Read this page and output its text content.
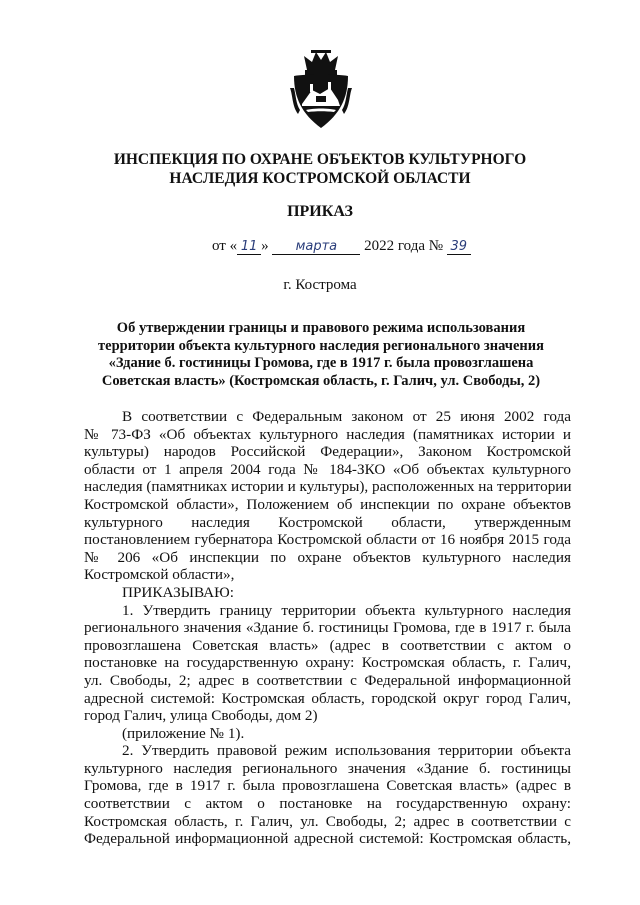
ИНСПЕКЦИЯ ПО ОХРАНЕ ОБЪЕКТОВ КУЛЬТУРНОГО
НАСЛЕДИЯ КОСТРОМСКОЙ ОБЛАСТИ
ПРИКАЗ
от « 11 » марта 2022 года № 39
г. Кострома
Об утверждении границы и правового режима использования
территории объекта культурного наследия регионального значения
«Здание б. гостиницы Громова, где в 1917 г. была провозглашена
Советская власть» (Костромская область, г. Галич, ул. Свободы, 2)

В соответствии с Федеральным законом от 25 июня 2002 года

№ 73-ФЗ «Об объектах культурного наследия (памятниках истории и

культуры) народов Российской Федерации», Законом Костромской

области от 1 апреля 2004 года № 184-ЗКО «Об объектах культурного

наследия (памятниках истории и культуры), расположенных на территории

Костромской области», Положением об инспекции по охране объектов

культурного наследия Костромской области, утвержденным

постановлением губернатора Костромской области от 16 ноября 2015 года

№ 206 «Об инспекции по охране объектов культурного наследия

Костромской области»,

ПРИКАЗЫВАЮ:

1. Утвердить границу территории объекта культурного наследия

регионального значения «Здание б. гостиницы Громова, где в 1917 г. была

провозглашена Советская власть» (адрес в соответствии с актом о

постановке на государственную охрану: Костромская область, г. Галич,

ул. Свободы, 2; адрес в соответствии с Федеральной информационной

адресной системой: Костромская область, городской округ город Галич,

город Галич, улица Свободы, дом 2)

(приложение № 1).

2. Утвердить правовой режим использования территории объекта

культурного наследия регионального значения «Здание б. гостиницы

Громова, где в 1917 г. была провозглашена Советская власть» (адрес в

соответствии с актом о постановке на государственную охрану:

Костромская область, г. Галич, ул. Свободы, 2; адрес в соответствии с

Федеральной информационной адресной системой: Костромская область,
